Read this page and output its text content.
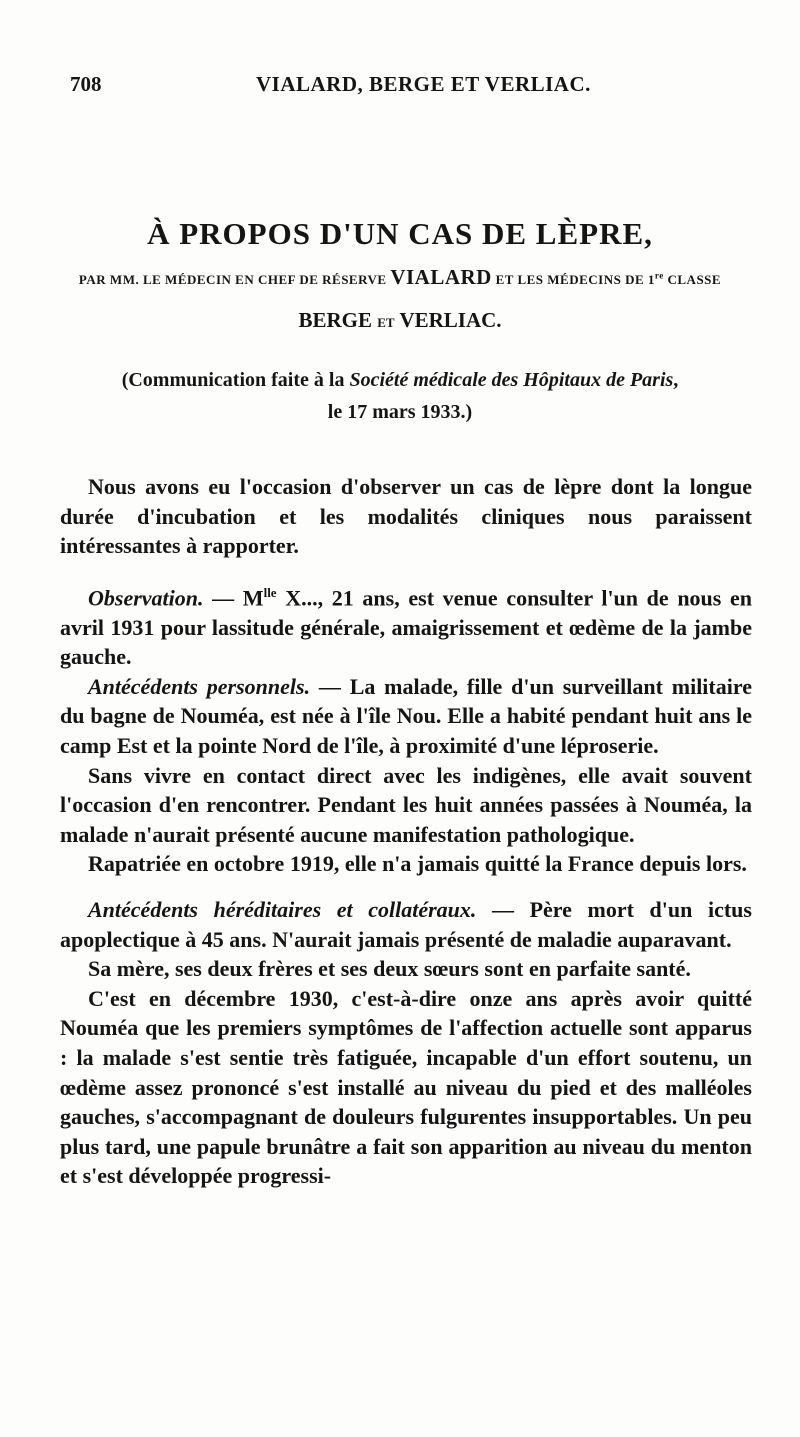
708	VIALARD, BERGE ET VERLIAC.
À PROPOS D'UN CAS DE LÈPRE,
PAR MM. LE MÉDECIN EN CHEF DE RÉSERVE VIALARD ET LES MÉDECINS DE 1re CLASSE
BERGE ET VERLIAC.
(Communication faite à la Société médicale des Hôpitaux de Paris,
le 17 mars 1933.)

Nous avons eu l'occasion d'observer un cas de lèpre dont la longue durée d'incubation et les modalités cliniques nous paraissent intéressantes à rapporter.

Observation. — $M^{lle}$ X..., 21 ans, est venue consulter l'un de nous en avril 1931 pour lassitude générale, amaigrissement et œdème de la jambe gauche.

Antécédents personnels. — La malade, fille d'un surveillant militaire du bagne de Nouméa, est née à l'île Nou. Elle a habité pendant huit ans le camp Est et la pointe Nord de l'île, à proximité d'une léproserie.

Sans vivre en contact direct avec les indigènes, elle avait souvent l'occasion d'en rencontrer. Pendant les huit années passées à Nouméa, la malade n'aurait présenté aucune manifestation pathologique.

Rapatriée en octobre 1919, elle n'a jamais quitté la France depuis lors.

Antécédents héréditaires et collatéraux. — Père mort d'un ictus apoplectique à 45 ans. N'aurait jamais présenté de maladie auparavant.

Sa mère, ses deux frères et ses deux sœurs sont en parfaite santé.

C'est en décembre 1930, c'est-à-dire onze ans après avoir quitté Nouméa que les premiers symptômes de l'affection actuelle sont apparus : la malade s'est sentie très fatiguée, incapable d'un effort soutenu, un œdème assez prononcé s'est installé au niveau du pied et des malléoles gauches, s'accompagnant de douleurs fulgurentes insupportables. Un peu plus tard, une papule brunâtre a fait son apparition au niveau du menton et s'est développée progressi-
